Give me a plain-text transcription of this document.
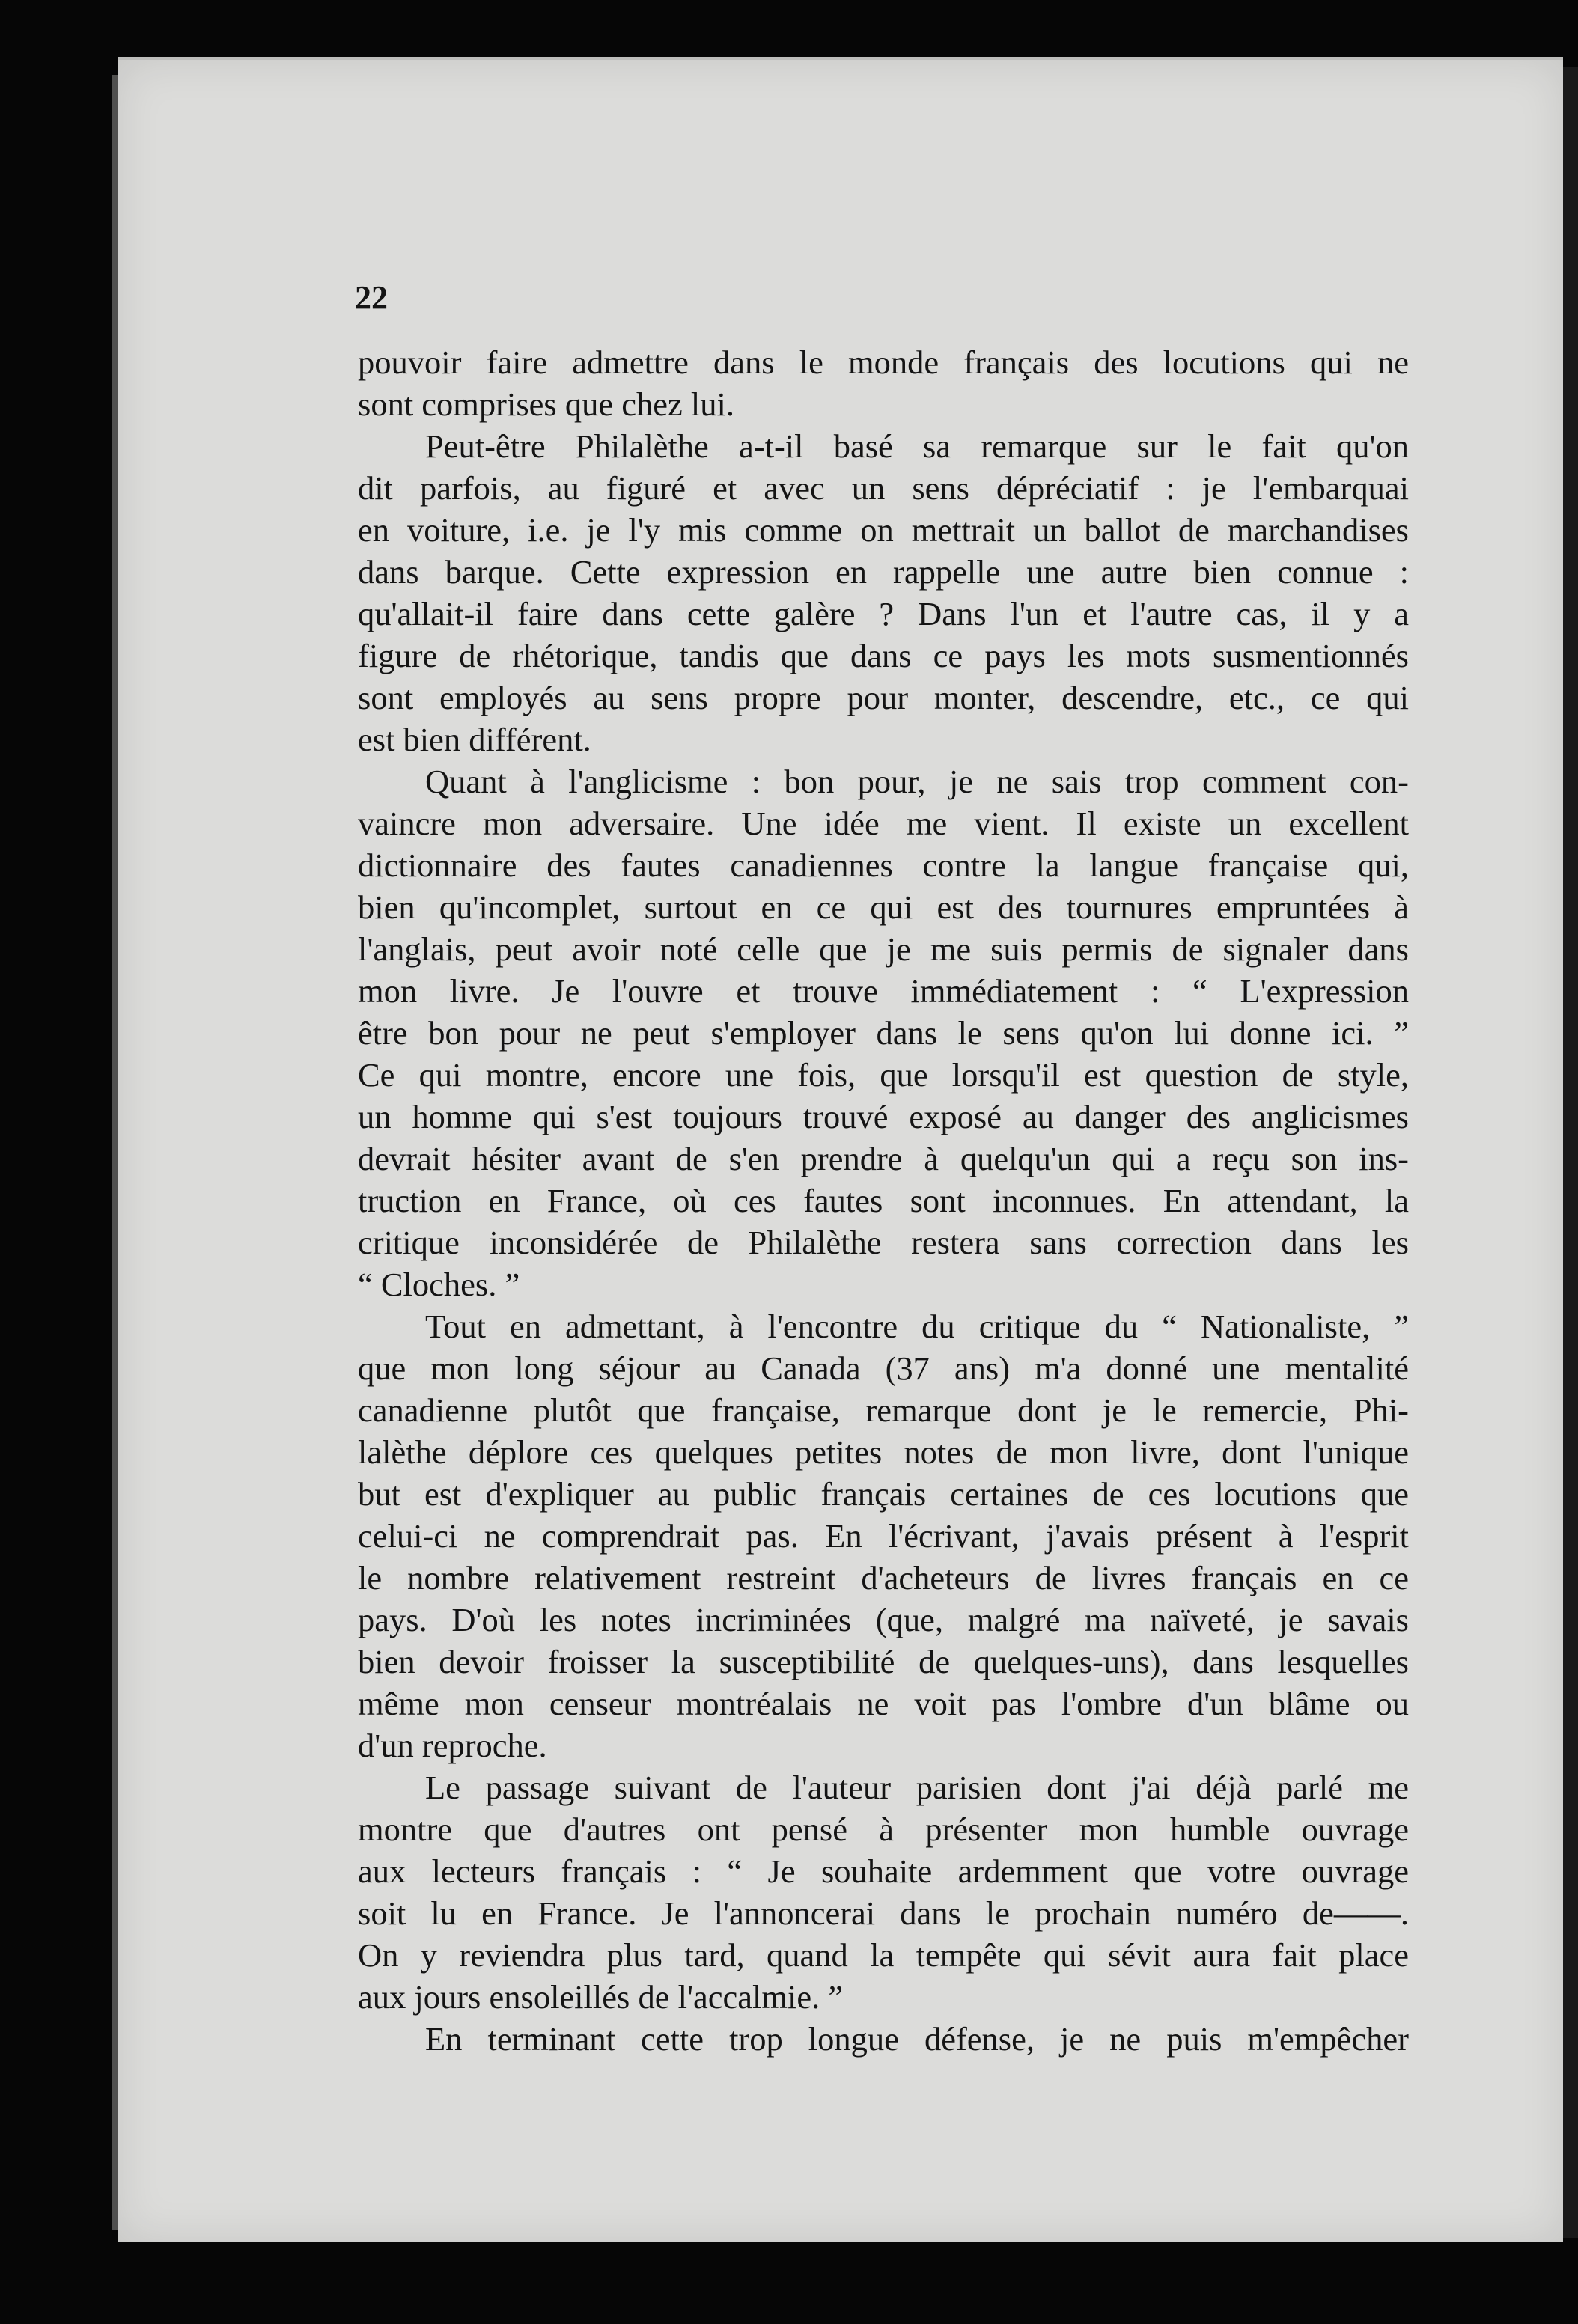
22
pouvoir faire admettre dans le monde français des locutions qui ne
sont comprises que chez lui.
Peut-être Philalèthe a-t-il basé sa remarque sur le fait qu'on
dit parfois, au figuré et avec un sens dépréciatif : je l'embarquai
en voiture, i.e. je l'y mis comme on mettrait un ballot de marchandises
dans barque. Cette expression en rappelle une autre bien connue :
qu'allait-il faire dans cette galère ? Dans l'un et l'autre cas, il y a
figure de rhétorique, tandis que dans ce pays les mots susmentionnés
sont employés au sens propre pour monter, descendre, etc., ce qui
est bien différent.
Quant à l'anglicisme : bon pour, je ne sais trop comment con-
vaincre mon adversaire. Une idée me vient. Il existe un excellent
dictionnaire des fautes canadiennes contre la langue française qui,
bien qu'incomplet, surtout en ce qui est des tournures empruntées à
l'anglais, peut avoir noté celle que je me suis permis de signaler dans
mon livre. Je l'ouvre et trouve immédiatement : “ L'expression
être bon pour ne peut s'employer dans le sens qu'on lui donne ici. ”
Ce qui montre, encore une fois, que lorsqu'il est question de style,
un homme qui s'est toujours trouvé exposé au danger des anglicismes
devrait hésiter avant de s'en prendre à quelqu'un qui a reçu son ins-
truction en France, où ces fautes sont inconnues. En attendant, la
critique inconsidérée de Philalèthe restera sans correction dans les
“ Cloches. ”
Tout en admettant, à l'encontre du critique du “ Nationaliste, ”
que mon long séjour au Canada (37 ans) m'a donné une mentalité
canadienne plutôt que française, remarque dont je le remercie, Phi-
lalèthe déplore ces quelques petites notes de mon livre, dont l'unique
but est d'expliquer au public français certaines de ces locutions que
celui-ci ne comprendrait pas. En l'écrivant, j'avais présent à l'esprit
le nombre relativement restreint d'acheteurs de livres français en ce
pays. D'où les notes incriminées (que, malgré ma naïveté, je savais
bien devoir froisser la susceptibilité de quelques-uns), dans lesquelles
même mon censeur montréalais ne voit pas l'ombre d'un blâme ou
d'un reproche.
Le passage suivant de l'auteur parisien dont j'ai déjà parlé me
montre que d'autres ont pensé à présenter mon humble ouvrage
aux lecteurs français : “ Je souhaite ardemment que votre ouvrage
soit lu en France. Je l'annoncerai dans le prochain numéro de——.
On y reviendra plus tard, quand la tempête qui sévit aura fait place
aux jours ensoleillés de l'accalmie. ”
En terminant cette trop longue défense, je ne puis m'empêcher
